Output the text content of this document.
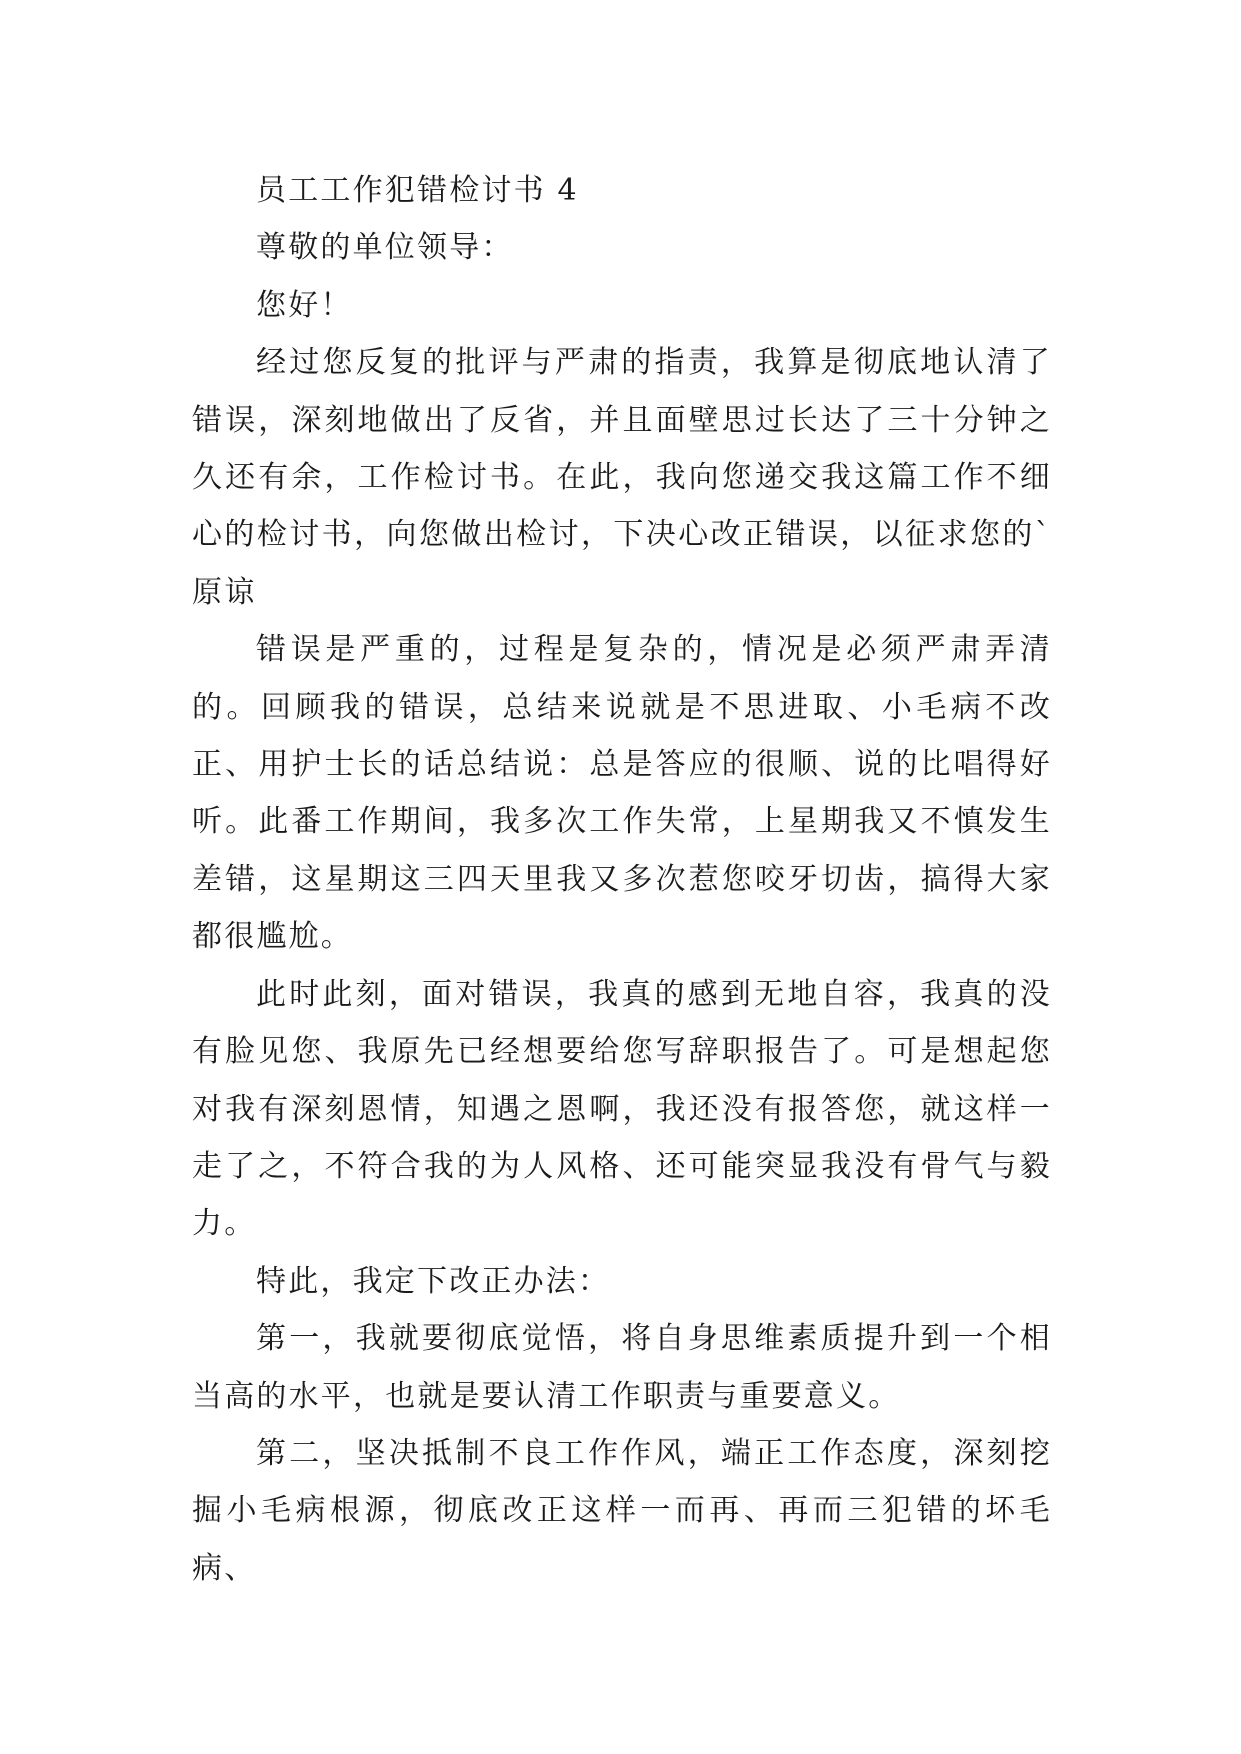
员工工作犯错检讨书 4

尊敬的单位领导：

您好！

经过您反复的批评与严肃的指责，我算是彻底地认清了错误，深刻地做出了反省，并且面壁思过长达了三十分钟之久还有余，工作检讨书。在此，我向您递交我这篇工作不细心的检讨书，向您做出检讨，下决心改正错误，以征求您的`原谅

错误是严重的，过程是复杂的，情况是必须严肃弄清的。回顾我的错误，总结来说就是不思进取、小毛病不改正、用护士长的话总结说：总是答应的很顺、说的比唱得好听。此番工作期间，我多次工作失常，上星期我又不慎发生差错，这星期这三四天里我又多次惹您咬牙切齿，搞得大家都很尴尬。

此时此刻，面对错误，我真的感到无地自容，我真的没有脸见您、我原先已经想要给您写辞职报告了。可是想起您对我有深刻恩情，知遇之恩啊，我还没有报答您，就这样一走了之，不符合我的为人风格、还可能突显我没有骨气与毅力。

特此，我定下改正办法：

第一，我就要彻底觉悟，将自身思维素质提升到一个相当高的水平，也就是要认清工作职责与重要意义。

第二，坚决抵制不良工作作风，端正工作态度，深刻挖掘小毛病根源，彻底改正这样一而再、再而三犯错的坏毛病、
